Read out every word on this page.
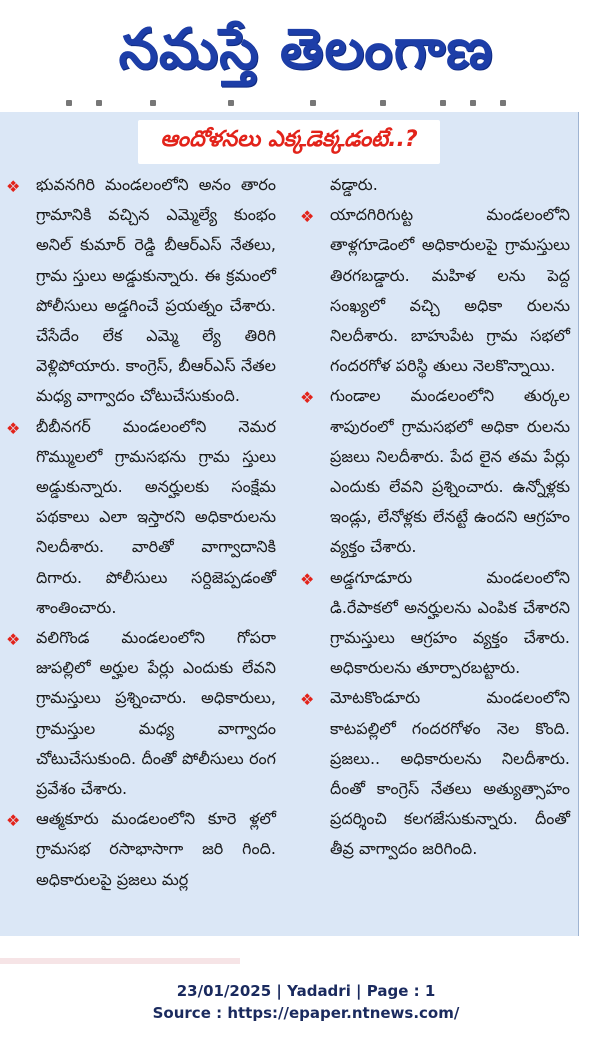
నమస్తే తెలంగాణ
ఆందోళనలు ఎక్కడెక్కడంటే..?
❖ భువనగిరి మండలంలోని అనం తారం గ్రామానికి వచ్చిన ఎమ్మెల్యే కుంభం అనిల్ కుమార్ రెడ్డి బీఆర్ఎస్ నేతలు, గ్రామ స్తులు అడ్డుకున్నారు. ఈ క్రమంలో పోలీసులు అడ్డగించే ప్రయత్నం చేశారు. చేసేదేం లేక ఎమ్మె ల్యే తిరిగి వెళ్లిపోయారు. కాంగ్రెస్, బీఆర్ఎస్ నేతల మధ్య వాగ్వాదం చోటుచేసుకుంది.
❖ బీబీనగర్ మండలంలోని నెమర గొమ్ములలో గ్రామసభను గ్రామ స్తులు అడ్డుకున్నారు. అనర్హులకు సంక్షేమ పథకాలు ఎలా ఇస్తారని అధికారులను నిలదీశారు. వారితో వాగ్వాదానికి దిగారు. పోలీసులు సర్దిజెప్పడంతో శాంతించారు.
❖ వలిగొండ మండలంలోని గోపరా జుపల్లిలో అర్హుల పేర్లు ఎందుకు లేవని గ్రామస్తులు ప్రశ్నించారు. అధికారులు, గ్రామస్తుల మధ్య వాగ్వాదం చోటుచేసుకుంది. దీంతో పోలీసులు రంగ ప్రవేశం చేశారు.
❖ ఆత్మకూరు మండలంలోని కూరె ళ్లలో గ్రామసభ రసాభాసాగా జరి గింది. అధికారులపై ప్రజలు మర్ల
వడ్డారు.
❖ యాదగిరిగుట్ట మండలంలోని తాళ్లగూడెంలో అధికారులపై గ్రామస్తులు తిరగబడ్డారు. మహిళ లను పెద్ద సంఖ్యలో వచ్చి అధికా రులను నిలదీశారు. బాహుపేట గ్రామ సభలో గందరగోళ పరిస్థి తులు నెలకొన్నాయి.
❖ గుండాల మండలంలోని తుర్కల శాపురంలో గ్రామసభలో అధికా రులను ప్రజలు నిలదీశారు. పేద లైన తమ పేర్లు ఎందుకు లేవని ప్రశ్నించారు. ఉన్నోళ్లకు ఇండ్లు, లేనోళ్లకు లేనట్టే ఉందని ఆగ్రహం వ్యక్తం చేశారు.
❖ అడ్డగూడూరు మండలంలోని డి.రేపాకలో అనర్హులను ఎంపిక చేశారని గ్రామస్తులు ఆగ్రహం వ్యక్తం చేశారు. అధికారులను తూర్పారబట్టారు.
❖ మోటకొండూరు మండలంలోని కాటపల్లిలో గందరగోళం నెల కొంది. ప్రజలు.. అధికారులను నిలదీశారు. దీంతో కాంగ్రెస్ నేతలు అత్యుత్సాహం ప్రదర్శించి కలగజేసుకున్నారు. దీంతో తీవ్ర వాగ్వాదం జరిగింది.
23/01/2025 | Yadadri | Page : 1
Source : https://epaper.ntnews.com/
